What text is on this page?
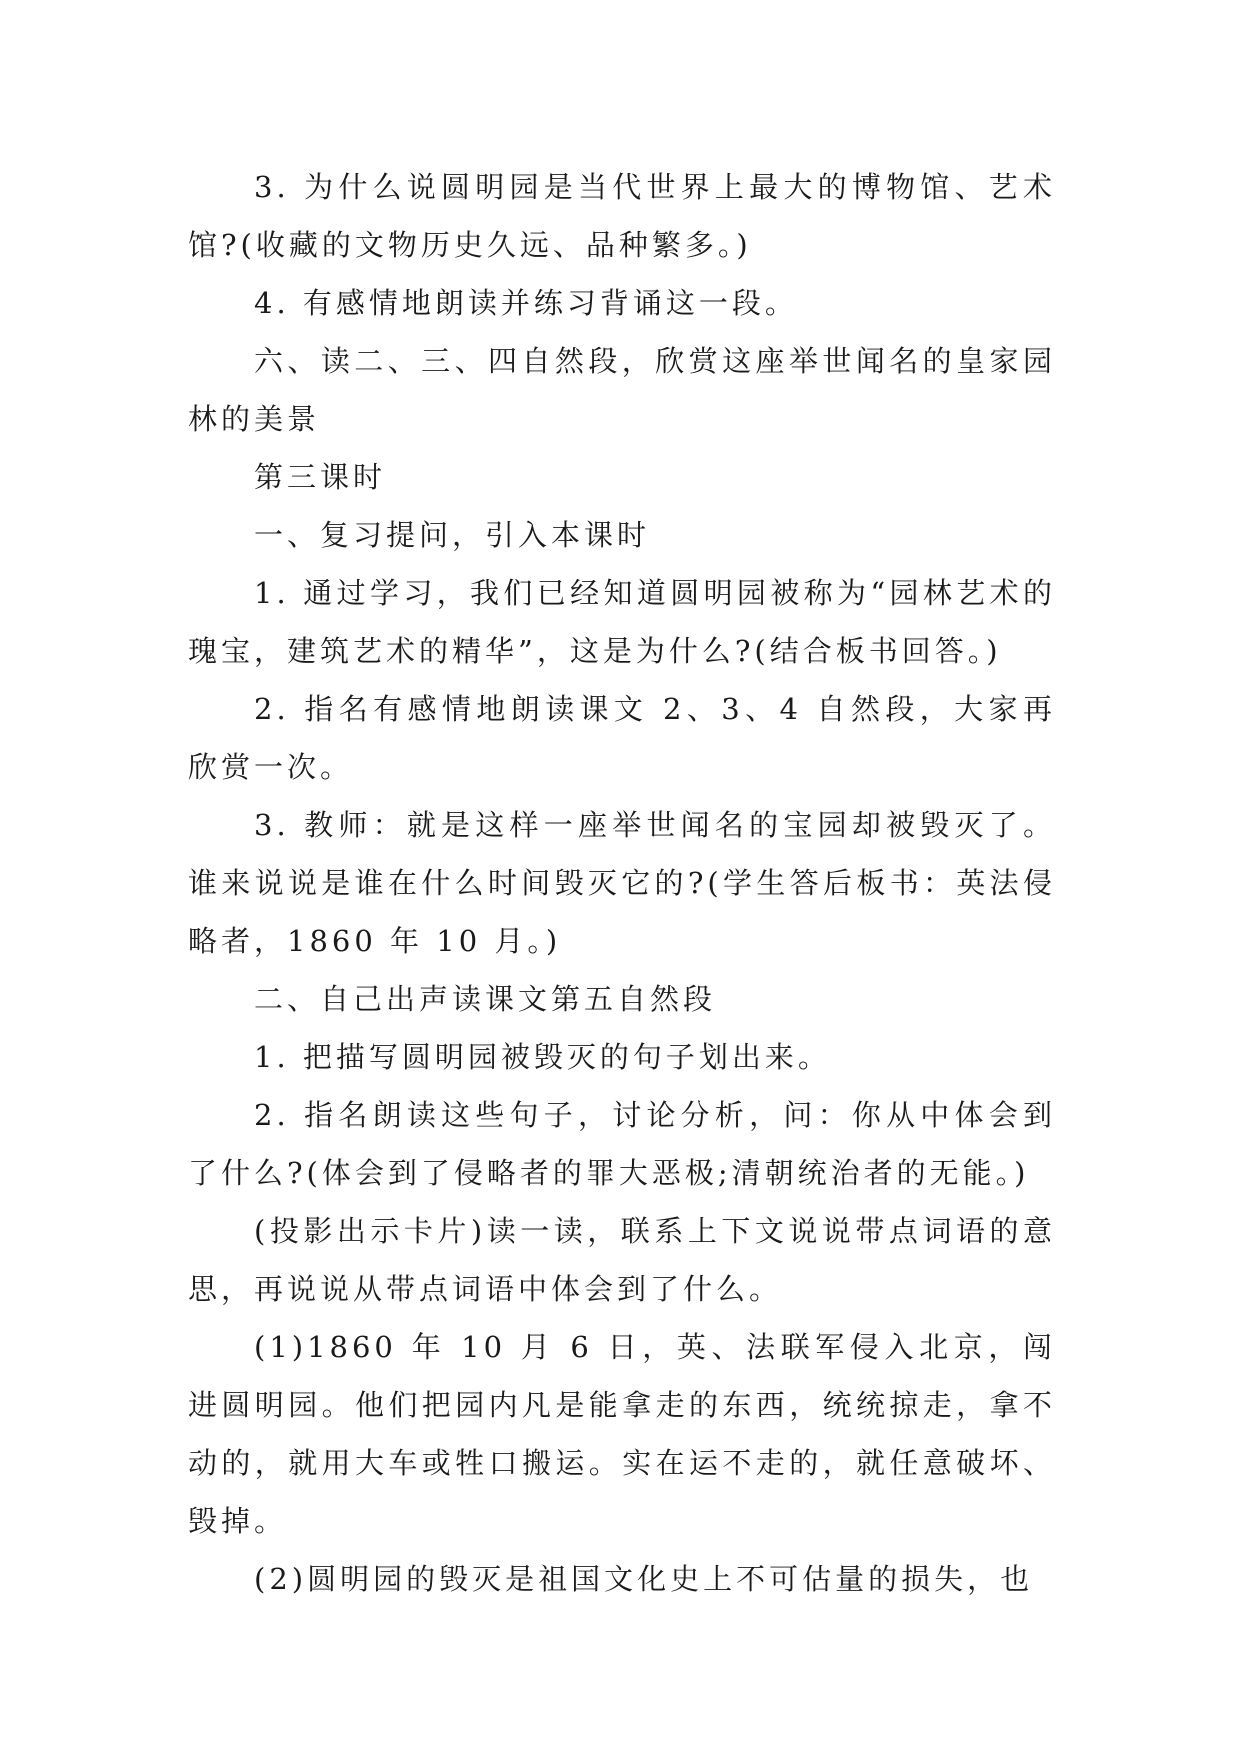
3. 为什么说圆明园是当代世界上最大的博物馆、艺术馆?(收藏的文物历史久远、品种繁多。)

4. 有感情地朗读并练习背诵这一段。

六、读二、三、四自然段，欣赏这座举世闻名的皇家园林的美景

第三课时

一、复习提问，引入本课时

1. 通过学习，我们已经知道圆明园被称为“园林艺术的瑰宝，建筑艺术的精华”，这是为什么?(结合板书回答。)

2. 指名有感情地朗读课文 2、3、4 自然段，大家再欣赏一次。

3. 教师：就是这样一座举世闻名的宝园却被毁灭了。谁来说说是谁在什么时间毁灭它的?(学生答后板书：英法侵略者，1860 年 10 月。)

二、自己出声读课文第五自然段

1. 把描写圆明园被毁灭的句子划出来。

2. 指名朗读这些句子，讨论分析，问：你从中体会到了什么?(体会到了侵略者的罪大恶极;清朝统治者的无能。)

(投影出示卡片)读一读，联系上下文说说带点词语的意思，再说说从带点词语中体会到了什么。

(1)1860 年 10 月 6 日，英、法联军侵入北京，闯进圆明园。他们把园内凡是能拿走的东西，统统掠走，拿不动的，就用大车或牲口搬运。实在运不走的，就任意破坏、毁掉。

(2)圆明园的毁灭是祖国文化史上不可估量的损失，也
